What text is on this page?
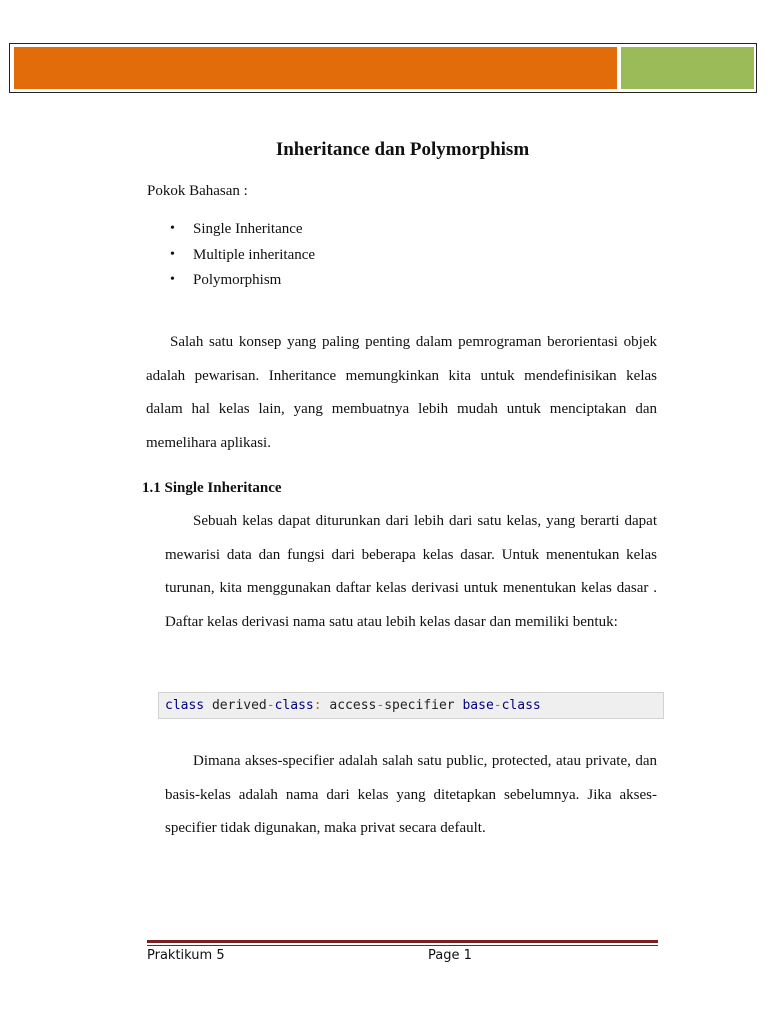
Inheritance dan Polymorphism
Pokok Bahasan :
• Single Inheritance
• Multiple inheritance
• Polymorphism

Salah satu konsep yang paling penting dalam pemrograman berorientasi objek adalah pewarisan. Inheritance memungkinkan kita untuk mendefinisikan kelas dalam hal kelas lain, yang membuatnya lebih mudah untuk menciptakan dan memelihara aplikasi.

1.1 Single Inheritance

Sebuah kelas dapat diturunkan dari lebih dari satu kelas, yang berarti dapat mewarisi data dan fungsi dari beberapa kelas dasar. Untuk menentukan kelas turunan, kita menggunakan daftar kelas derivasi untuk menentukan kelas dasar . Daftar kelas derivasi nama satu atau lebih kelas dasar dan memiliki bentuk:

class derived-class: access-specifier base-class

Dimana akses-specifier adalah salah satu public, protected, atau private, dan basis-kelas adalah nama dari kelas yang ditetapkan sebelumnya. Jika akses-specifier tidak digunakan, maka privat secara default.

Praktikum 5	Page 1
